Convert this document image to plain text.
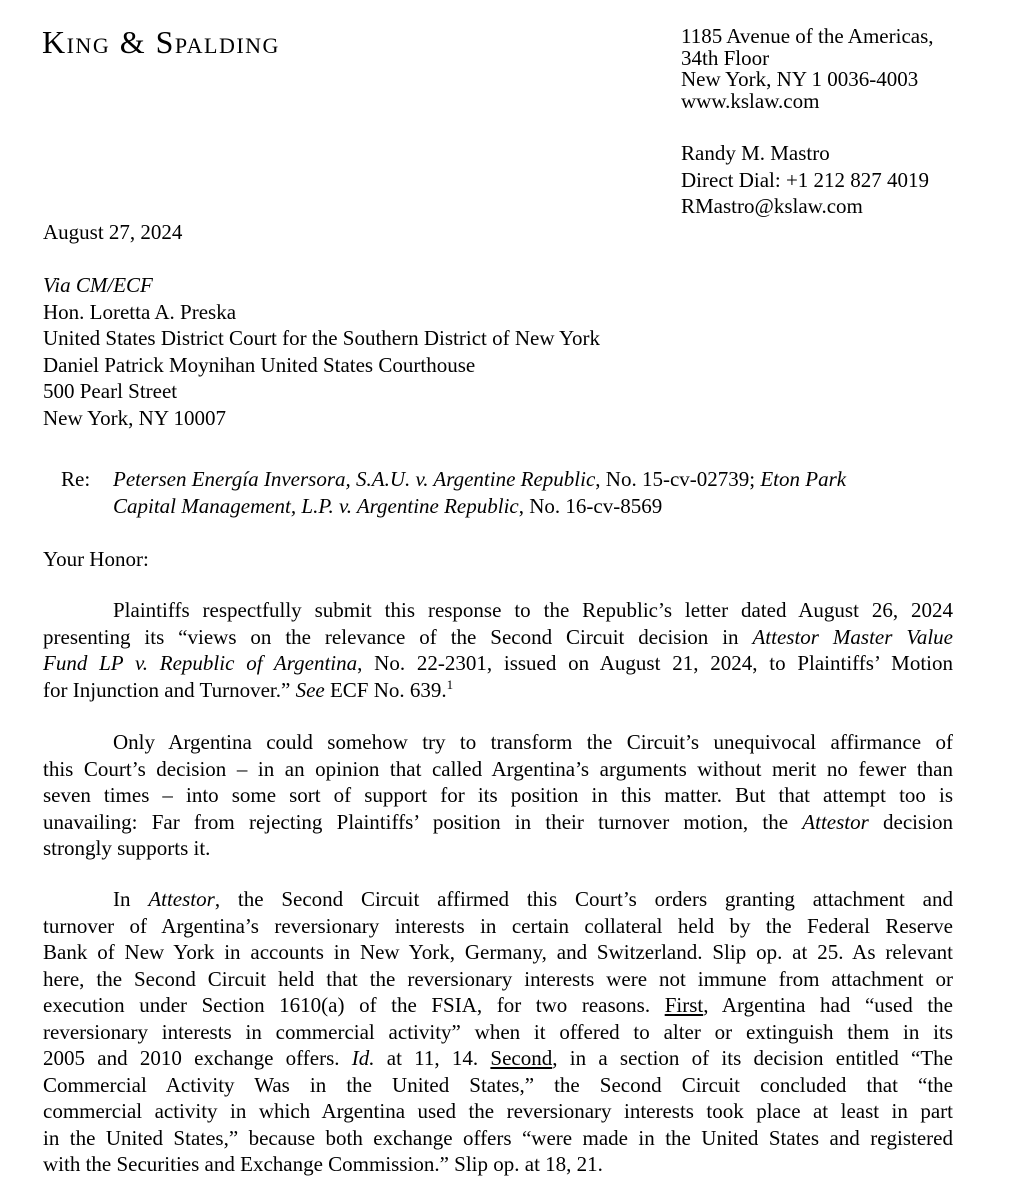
King & Spalding	1185 Avenue of the Americas,
34th Floor
New York, NY 1 0036-4003
www.kslaw.com
Randy M. Mastro
Direct Dial: +1 212 827 4019
RMastro@kslaw.com
August 27, 2024
Via CM/ECF
Hon. Loretta A. Preska
United States District Court for the Southern District of New York
Daniel Patrick Moynihan United States Courthouse
500 Pearl Street
New York, NY 10007
Re: Petersen Energía Inversora, S.A.U. v. Argentine Republic, No. 15-cv-02739; Eton Park
Capital Management, L.P. v. Argentine Republic, No. 16-cv-8569
Your Honor:
Plaintiffs respectfully submit this response to the Republic’s letter dated August 26, 2024
presenting its “views on the relevance of the Second Circuit decision in Attestor Master Value
Fund LP v. Republic of Argentina, No. 22-2301, issued on August 21, 2024, to Plaintiffs’ Motion
for Injunction and Turnover.” See ECF No. 639.$^1$
Only Argentina could somehow try to transform the Circuit’s unequivocal affirmance of
this Court’s decision – in an opinion that called Argentina’s arguments without merit no fewer than
seven times – into some sort of support for its position in this matter. But that attempt too is
unavailing: Far from rejecting Plaintiffs’ position in their turnover motion, the Attestor decision
strongly supports it.
In Attestor, the Second Circuit affirmed this Court’s orders granting attachment and
turnover of Argentina’s reversionary interests in certain collateral held by the Federal Reserve
Bank of New York in accounts in New York, Germany, and Switzerland. Slip op. at 25. As relevant
here, the Second Circuit held that the reversionary interests were not immune from attachment or
execution under Section 1610(a) of the FSIA, for two reasons. First, Argentina had “used the
reversionary interests in commercial activity” when it offered to alter or extinguish them in its
2005 and 2010 exchange offers. Id. at 11, 14. Second, in a section of its decision entitled “The
Commercial Activity Was in the United States,” the Second Circuit concluded that “the
commercial activity in which Argentina used the reversionary interests took place at least in part
in the United States,” because both exchange offers “were made in the United States and registered
with the Securities and Exchange Commission.” Slip op. at 18, 21.
